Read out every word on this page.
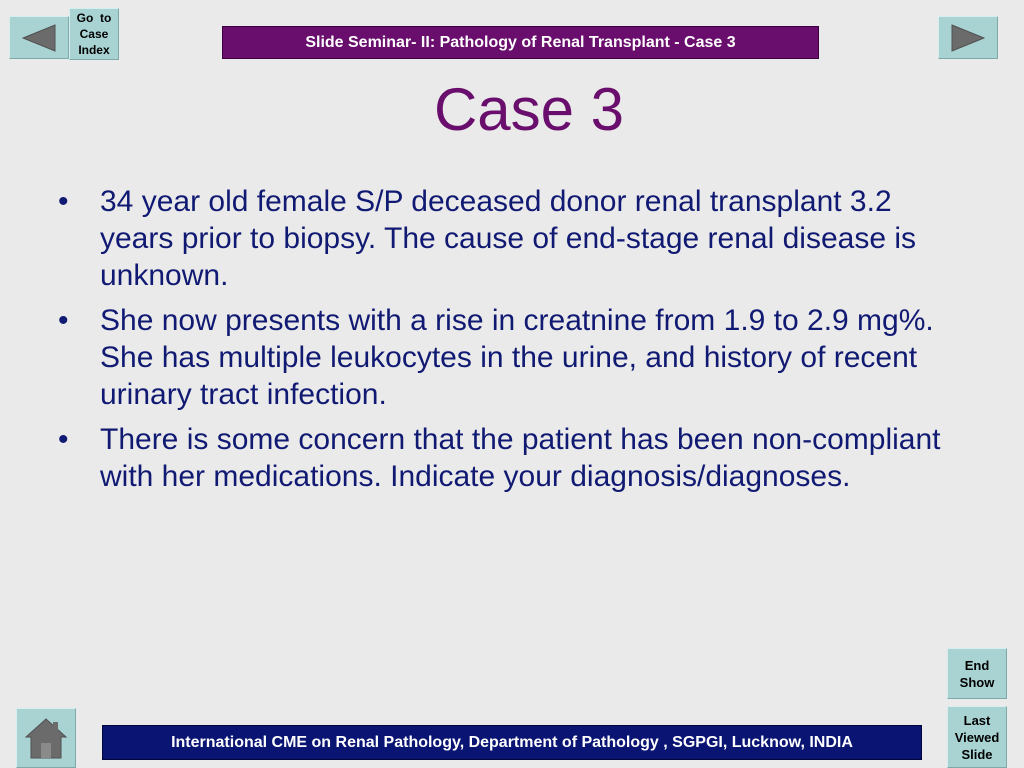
Go  to
Case
Index	Slide Seminar- II: Pathology of Renal Transplant - Case 3
Case 3
• 34 year old female S/P deceased donor renal transplant 3.2 years prior to biopsy. The cause of end-stage renal disease is unknown.
• She now presents with a rise in creatnine from 1.9 to 2.9 mg%. She has multiple leukocytes in the urine, and history of recent urinary tract infection.
• There is some concern that the patient has been non-compliant with her medications. Indicate your diagnosis/diagnoses.
End
Show
International CME on Renal Pathology, Department of Pathology , SGPGI, Lucknow, INDIA
Last
Viewed
Slide
